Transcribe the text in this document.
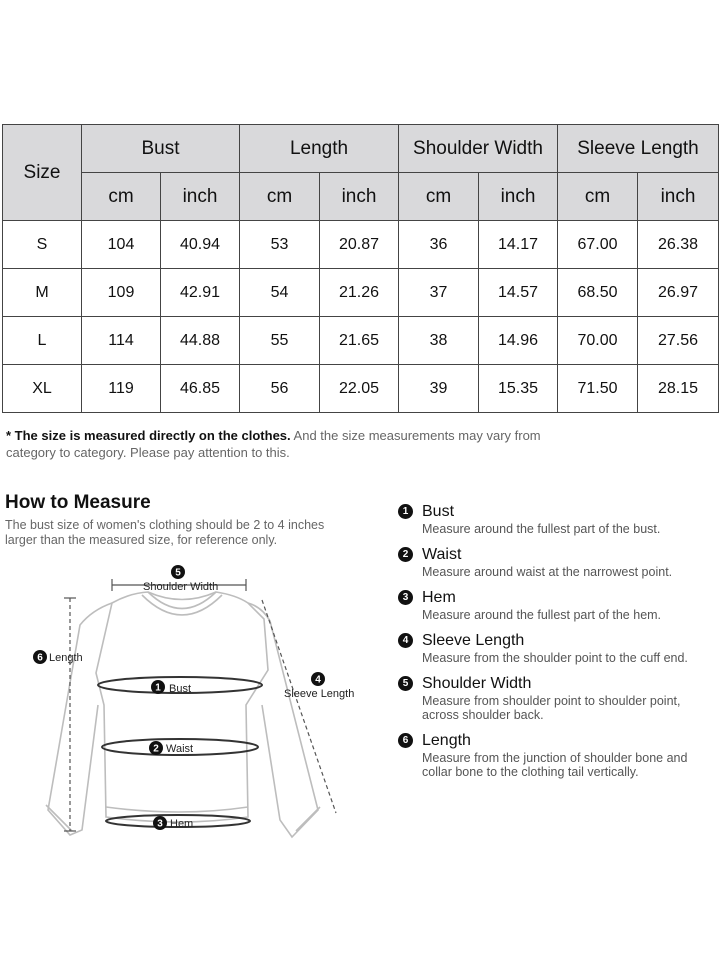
Size	Bust		Length		Shoulder Width		Sleeve Length	
	cm	inch	cm	inch	cm	inch	cm	inch
S	104	40.94	53	20.87	36	14.17	67.00	26.38
M	109	42.91	54	21.26	37	14.57	68.50	26.97
L	114	44.88	55	21.65	38	14.96	70.00	27.56
XL	119	46.85	56	22.05	39	15.35	71.50	28.15
* The size is measured directly on the clothes. And the size measurements may vary from category to category. Please pay attention to this.
How to Measure
The bust size of women's clothing should be 2 to 4 inches larger than the measured size, for reference only.
5
6
1
4
2
3
Shoulder Width
Length
Bust	Sleeve Length
Waist
Hem
1 Bust
Measure around the fullest part of the bust.
2 Waist
Measure around waist at the narrowest point.
3 Hem
Measure around the fullest part of the hem.
4 Sleeve Length
Measure from the shoulder point to the cuff end.
5 Shoulder Width
Measure from shoulder point to shoulder point, across shoulder back.
6 Length
Measure from the junction of shoulder bone and collar bone to the clothing tail vertically.
